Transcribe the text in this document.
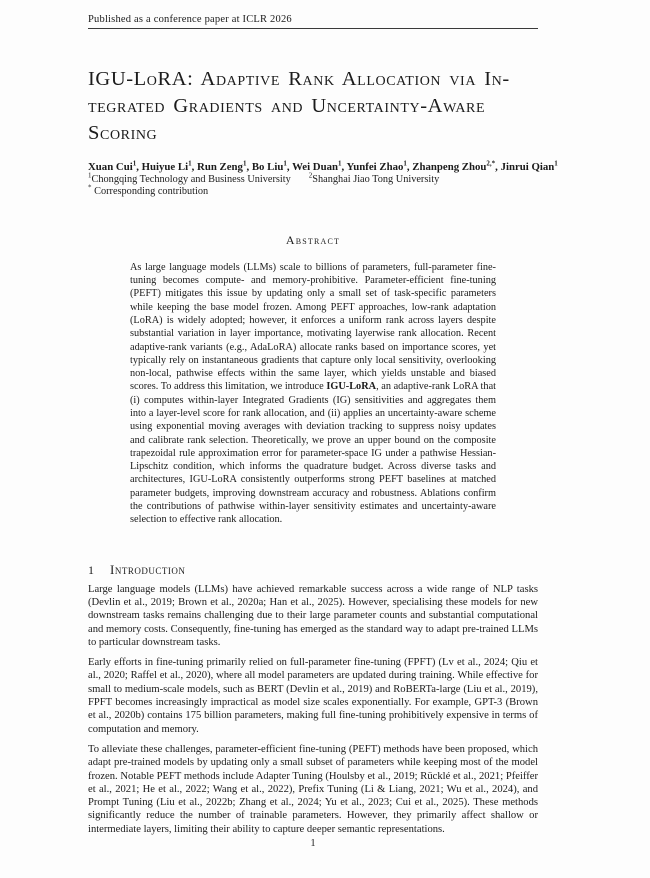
Published as a conference paper at ICLR 2026
IGU-LoRA: Adaptive Rank Allocation via In-
tegrated Gradients and Uncertainty-Aware
Scoring
Xuan Cui$^1$, Huiyue Li$^1$, Run Zeng$^1$, Bo Liu$^1$, Wei Duan$^1$, Yunfei Zhao$^1$, Zhanpeng Zhou$^{2,*}$, Jinrui Qian$^1$
$^1$Chongqing Technology and Business University	$^2$Shanghai Jiao Tong University
* Corresponding contribution
Abstract
As large language models (LLMs) scale to billions of parameters, full-parameter fine-tuning becomes compute- and memory-prohibitive. Parameter-efficient fine-tuning (PEFT) mitigates this issue by updating only a small set of task-specific parameters while keeping the base model frozen. Among PEFT approaches, low-rank adaptation (LoRA) is widely adopted; however, it enforces a uniform rank across layers despite substantial variation in layer importance, motivating layerwise rank allocation. Recent adaptive-rank variants (e.g., AdaLoRA) allocate ranks based on importance scores, yet typically rely on instantaneous gradients that capture only local sensitivity, overlooking non-local, pathwise effects within the same layer, which yields unstable and biased scores. To address this limitation, we introduce IGU-LoRA, an adaptive-rank LoRA that (i) computes within-layer Integrated Gradients (IG) sensitivities and aggregates them into a layer-level score for rank allocation, and (ii) applies an uncertainty-aware scheme using exponential moving averages with deviation tracking to suppress noisy updates and calibrate rank selection. Theoretically, we prove an upper bound on the composite trapezoidal rule approximation error for parameter-space IG under a pathwise Hessian-Lipschitz condition, which informs the quadrature budget. Across diverse tasks and architectures, IGU-LoRA consistently outperforms strong PEFT baselines at matched parameter budgets, improving downstream accuracy and robustness. Ablations confirm the contributions of pathwise within-layer sensitivity estimates and uncertainty-aware selection to effective rank allocation.
1 Introduction

Large language models (LLMs) have achieved remarkable success across a wide range of NLP tasks (Devlin et al., 2019; Brown et al., 2020a; Han et al., 2025). However, specialising these models for new downstream tasks remains challenging due to their large parameter counts and substantial computational and memory costs. Consequently, fine-tuning has emerged as the standard way to adapt pre-trained LLMs to particular downstream tasks.

Early efforts in fine-tuning primarily relied on full-parameter fine-tuning (FPFT) (Lv et al., 2024; Qiu et al., 2020; Raffel et al., 2020), where all model parameters are updated during training. While effective for small to medium-scale models, such as BERT (Devlin et al., 2019) and RoBERTa-large (Liu et al., 2019), FPFT becomes increasingly impractical as model size scales exponentially. For example, GPT-3 (Brown et al., 2020b) contains 175 billion parameters, making full fine-tuning prohibitively expensive in terms of computation and memory.

To alleviate these challenges, parameter-efficient fine-tuning (PEFT) methods have been proposed, which adapt pre-trained models by updating only a small subset of parameters while keeping most of the model frozen. Notable PEFT methods include Adapter Tuning (Houlsby et al., 2019; Rücklé et al., 2021; Pfeiffer et al., 2021; He et al., 2022; Wang et al., 2022), Prefix Tuning (Li & Liang, 2021; Wu et al., 2024), and Prompt Tuning (Liu et al., 2022b; Zhang et al., 2024; Yu et al., 2023; Cui et al., 2025). These methods significantly reduce the number of trainable parameters. However, they primarily affect shallow or intermediate layers, limiting their ability to capture deeper semantic representations.

1
